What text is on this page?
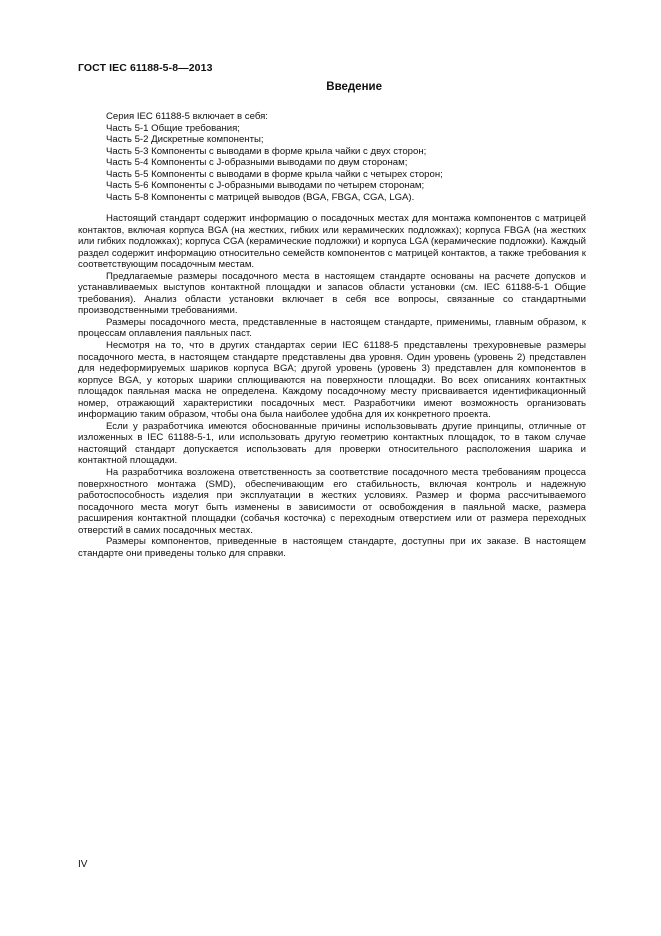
ГОСТ IEC 61188-5-8—2013
Введение
Серия IEC 61188-5 включает в себя:
Часть 5-1 Общие требования;
Часть 5-2 Дискретные компоненты;
Часть 5-3 Компоненты с выводами в форме крыла чайки с двух сторон;
Часть 5-4 Компоненты с J-образными выводами по двум сторонам;
Часть 5-5 Компоненты с выводами в форме крыла чайки с четырех сторон;
Часть 5-6 Компоненты с J-образными выводами по четырем сторонам;
Часть 5-8 Компоненты с матрицей выводов (BGA, FBGA, CGA, LGA).

Настоящий стандарт содержит информацию о посадочных местах для монтажа компонентов с матрицей контактов, включая корпуса BGA (на жестких, гибких или керамических подложках); корпуса FBGA (на жестких или гибких подложках); корпуса CGA (керамические подложки) и корпуса LGA (керамические подложки). Каждый раздел содержит информацию относительно семейств компонентов с матрицей контактов, а также требования к соответствующим посадочным местам.

Предлагаемые размеры посадочного места в настоящем стандарте основаны на расчете допусков и устанавливаемых выступов контактной площадки и запасов области установки (см. IEC 61188-5-1 Общие требования). Анализ области установки включает в себя все вопросы, связанные со стандартными производственными требованиями.

Размеры посадочного места, представленные в настоящем стандарте, применимы, главным образом, к процессам оплавления паяльных паст.

Несмотря на то, что в других стандартах серии IEC 61188-5 представлены трехуровневые размеры посадочного места, в настоящем стандарте представлены два уровня. Один уровень (уровень 2) представлен для недеформируемых шариков корпуса BGA; другой уровень (уровень 3) представлен для компонентов в корпусе BGA, у которых шарики сплющиваются на поверхности площадки. Во всех описаниях контактных площадок паяльная маска не определена. Каждому посадочному месту присваивается идентификационный номер, отражающий характеристики посадочных мест. Разработчики имеют возможность организовать информацию таким образом, чтобы она была наиболее удобна для их конкретного проекта.

Если у разработчика имеются обоснованные причины использовывать другие принципы, отличные от изложенных в IEC 61188-5-1, или использовать другую геометрию контактных площадок, то в таком случае настоящий стандарт допускается использовать для проверки относительного расположения шарика и контактной площадки.

На разработчика возложена ответственность за соответствие посадочного места требованиям процесса поверхностного монтажа (SMD), обеспечивающим его стабильность, включая контроль и надежную работоспособность изделия при эксплуатации в жестких условиях. Размер и форма рассчитываемого посадочного места могут быть изменены в зависимости от освобождения в паяльной маске, размера расширения контактной площадки (собачья косточка) с переходным отверстием или от размера переходных отверстий в самих посадочных местах.

Размеры компонентов, приведенные в настоящем стандарте, доступны при их заказе. В настоящем стандарте они приведены только для справки.

IV
